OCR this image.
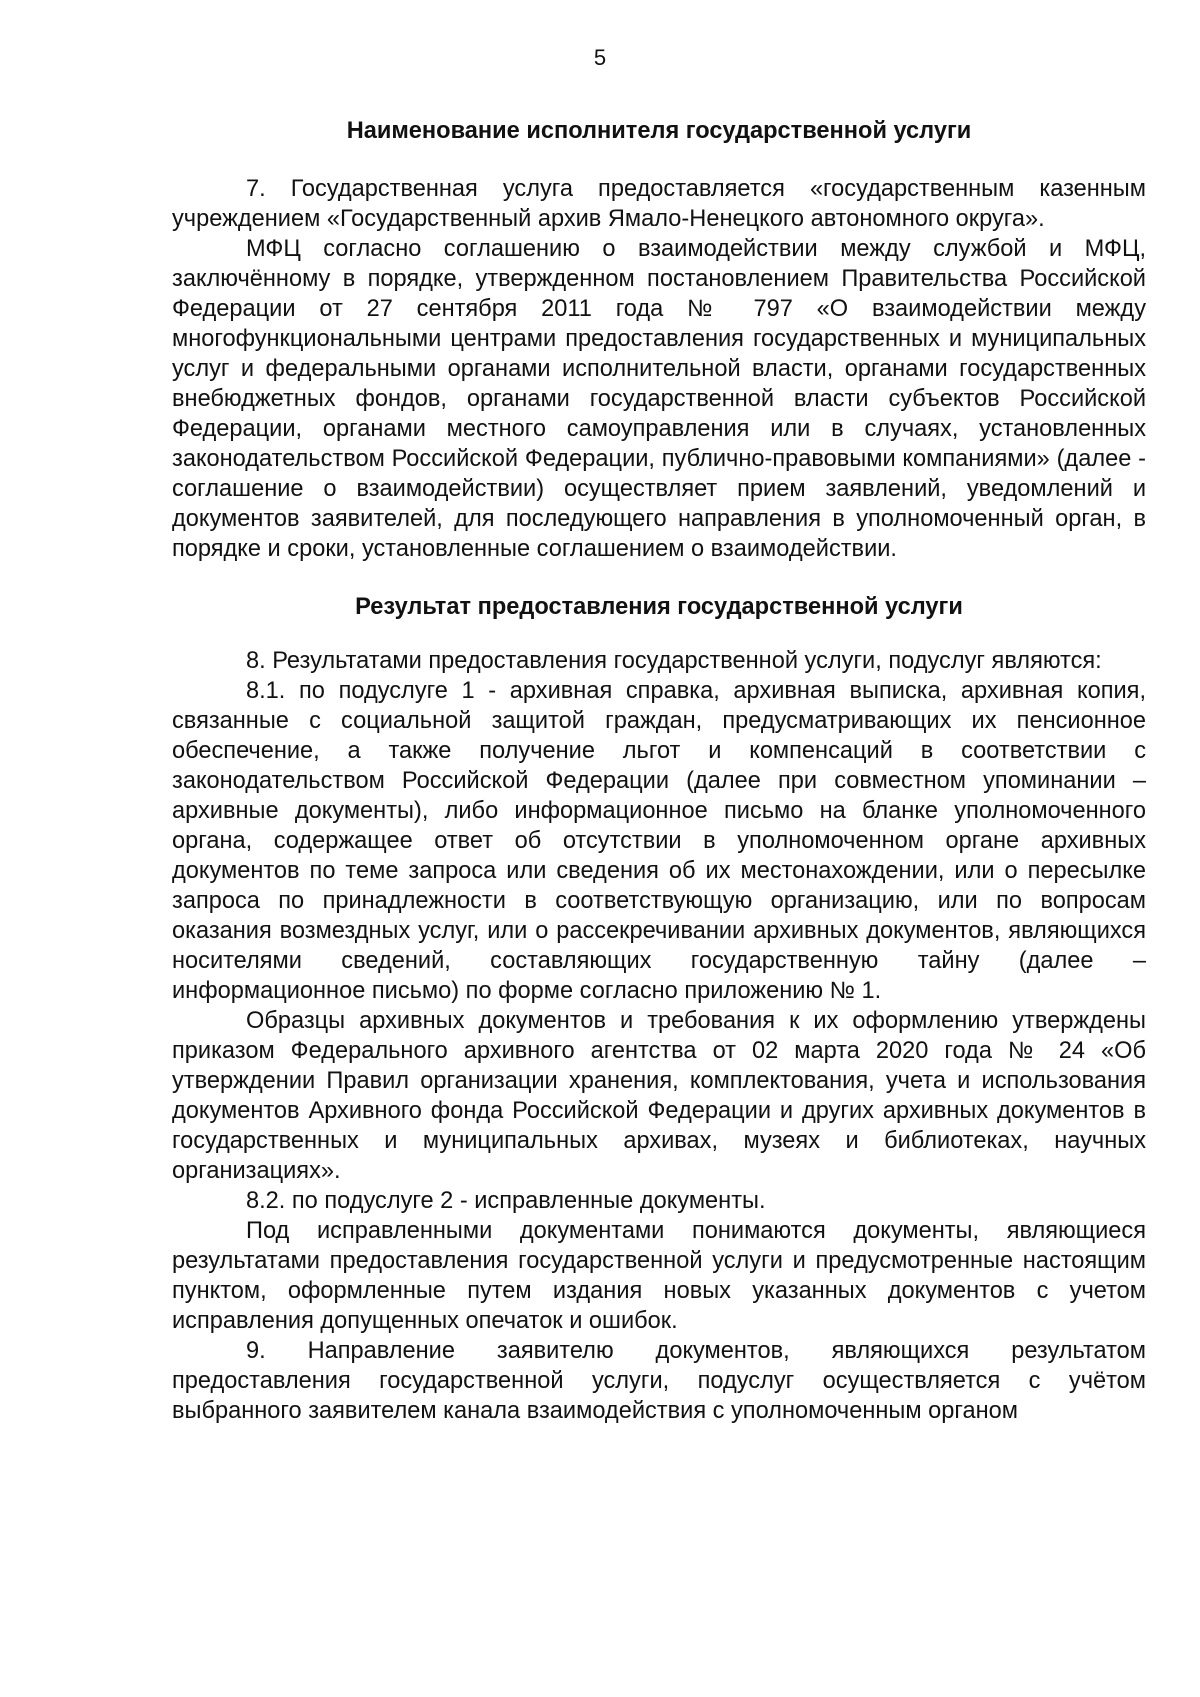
5
Наименование исполнителя государственной услуги

7. Государственная услуга предоставляется «государственным казенным учреждением «Государственный архив Ямало-Ненецкого автономного округа».

МФЦ согласно соглашению о взаимодействии между службой и МФЦ, заключённому в порядке, утвержденном постановлением Правительства Российской Федерации от 27 сентября 2011 года № 797 «О взаимодействии между многофункциональными центрами предоставления государственных и муниципальных услуг и федеральными органами исполнительной власти, органами государственных внебюджетных фондов, органами государственной власти субъектов Российской Федерации, органами местного самоуправления или в случаях, установленных законодательством Российской Федерации, публично-правовыми компаниями» (далее - соглашение о взаимодействии) осуществляет прием заявлений, уведомлений и документов заявителей, для последующего направления в уполномоченный орган, в порядке и сроки, установленные соглашением о взаимодействии.

Результат предоставления государственной услуги

8. Результатами предоставления государственной услуги, подуслуг являются:

8.1. по подуслуге 1 - архивная справка, архивная выписка, архивная копия, связанные с социальной защитой граждан, предусматривающих их пенсионное обеспечение, а также получение льгот и компенсаций в соответствии с законодательством Российской Федерации (далее при совместном упоминании – архивные документы), либо информационное письмо на бланке уполномоченного органа, содержащее ответ об отсутствии в уполномоченном органе архивных документов по теме запроса или сведения об их местонахождении, или о пересылке запроса по принадлежности в соответствующую организацию, или по вопросам оказания возмездных услуг, или о рассекречивании архивных документов, являющихся носителями сведений, составляющих государственную тайну (далее – информационное письмо) по форме согласно приложению № 1.

Образцы архивных документов и требования к их оформлению утверждены приказом Федерального архивного агентства от 02 марта 2020 года № 24 «Об утверждении Правил организации хранения, комплектования, учета и использования документов Архивного фонда Российской Федерации и других архивных документов в государственных и муниципальных архивах, музеях и библиотеках, научных организациях».

8.2. по подуслуге 2 - исправленные документы.

Под исправленными документами понимаются документы, являющиеся результатами предоставления государственной услуги и предусмотренные настоящим пунктом, оформленные путем издания новых указанных документов с учетом исправления допущенных опечаток и ошибок.

9. Направление заявителю документов, являющихся результатом предоставления государственной услуги, подуслуг осуществляется с учётом выбранного заявителем канала взаимодействия с уполномоченным органом
